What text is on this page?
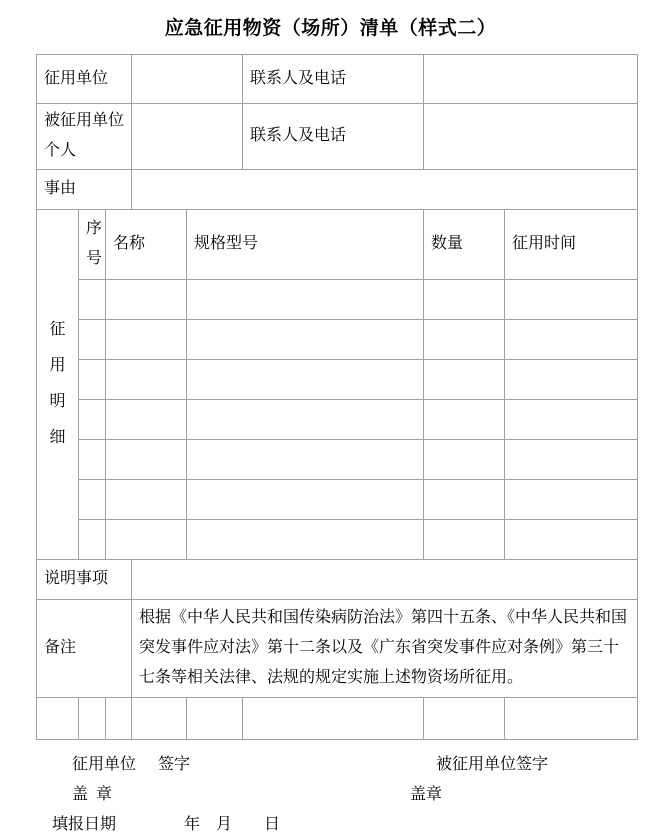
应急征用物资（场所）清单（样式二）
征用单位					联系人及电话		
被征用单位个人					联系人及电话		
事由							
征用明细	序号	名称		规格型号		数量	征用时间

说明事项							
备注			根据《中华人民共和国传染病防治法》第四十五条、《中华人民共和国突发事件应对法》第十二条以及《广东省突发事件应对条例》第三十七条等相关法律、法规的规定实施上述物资场所征用。				

征用单位 签字	被征用单位签字
盖  章	盖章
填报日期	年 月 日
